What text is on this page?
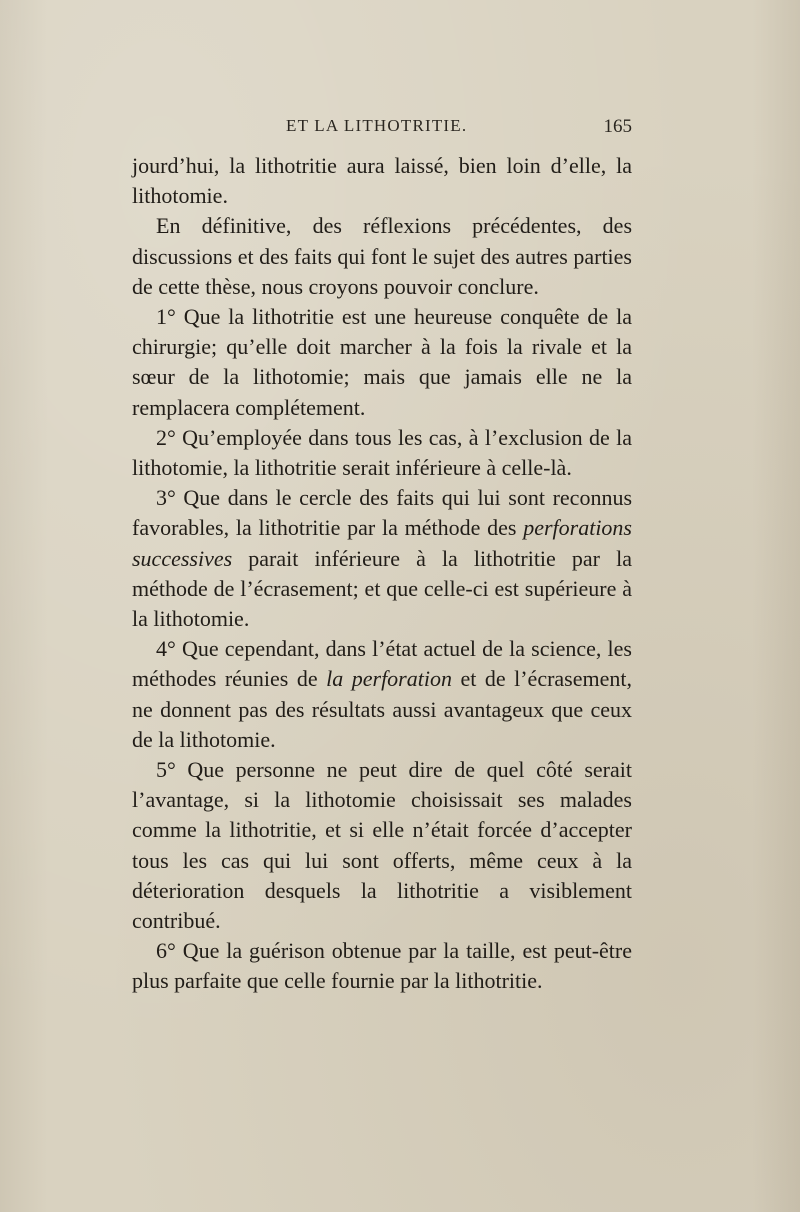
ET LA LITHOTRITIE.	165

jourd’hui, la lithotritie aura laissé, bien loin d’elle, la lithotomie.

En définitive, des réflexions précédentes, des discussions et des faits qui font le sujet des autres parties de cette thèse, nous croyons pouvoir conclure.

1° Que la lithotritie est une heureuse conquête de la chirurgie; qu’elle doit marcher à la fois la rivale et la sœur de la lithotomie; mais que jamais elle ne la remplacera complétement.

2° Qu’employée dans tous les cas, à l’exclusion de la lithotomie, la lithotritie serait inférieure à celle-là.

3° Que dans le cercle des faits qui lui sont reconnus favorables, la lithotritie par la méthode des perforations successives parait inférieure à la lithotritie par la méthode de l’écrasement; et que celle-ci est supérieure à la lithotomie.

4° Que cependant, dans l’état actuel de la science, les méthodes réunies de la perforation et de l’écrasement, ne donnent pas des résultats aussi avantageux que ceux de la lithotomie.

5° Que personne ne peut dire de quel côté serait l’avantage, si la lithotomie choisissait ses malades comme la lithotritie, et si elle n’était forcée d’accepter tous les cas qui lui sont offerts, même ceux à la déterioration desquels la lithotritie a visiblement contribué.

6° Que la guérison obtenue par la taille, est peut-être plus parfaite que celle fournie par la lithotritie.
